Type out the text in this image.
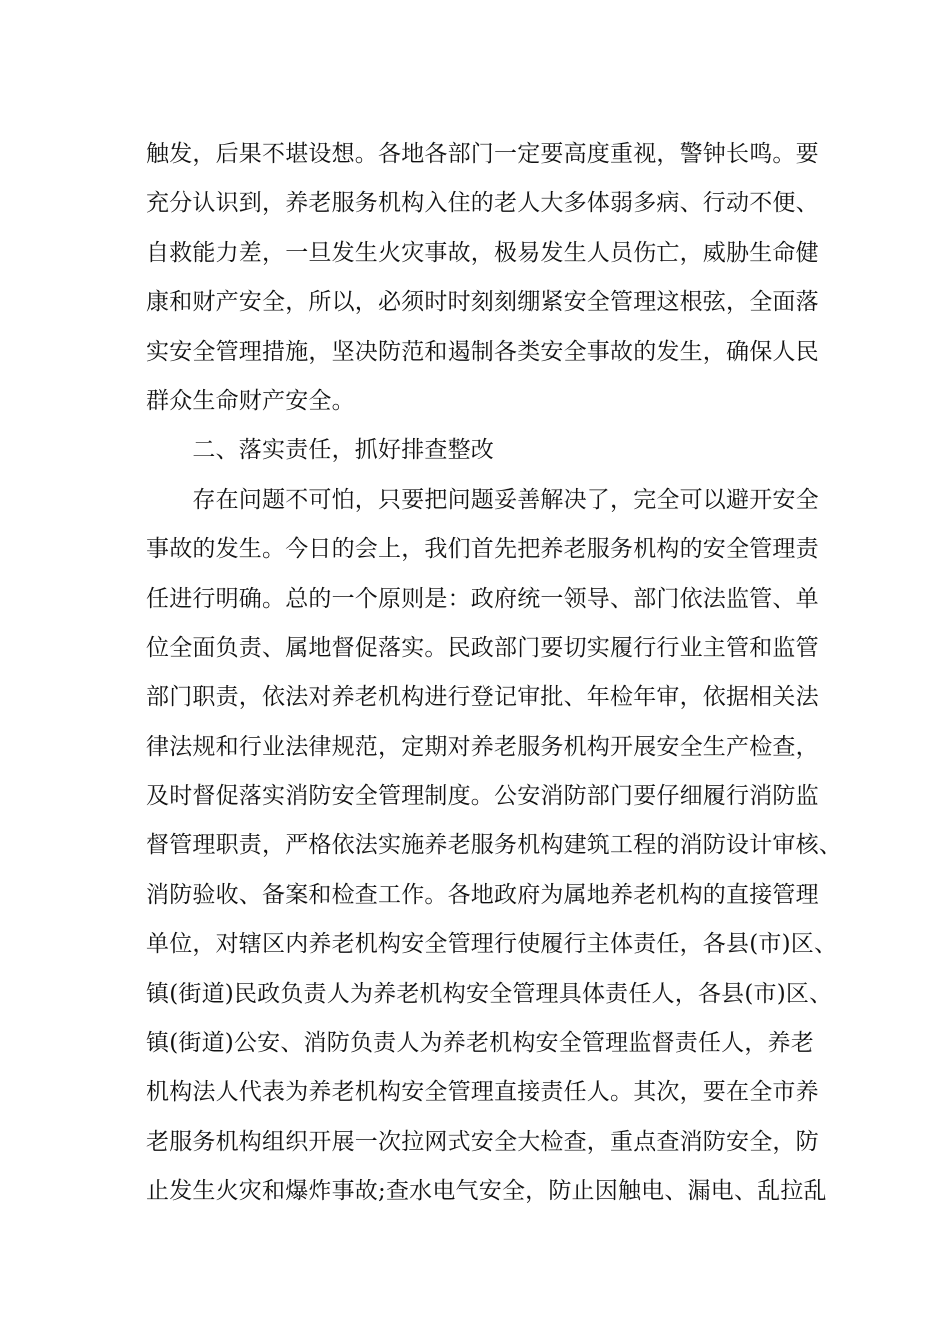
触发，后果不堪设想。各地各部门一定要高度重视，警钟长鸣。要
充分认识到，养老服务机构入住的老人大多体弱多病、行动不便、
自救能力差，一旦发生火灾事故，极易发生人员伤亡，威胁生命健
康和财产安全，所以，必须时时刻刻绷紧安全管理这根弦，全面落
实安全管理措施，坚决防范和遏制各类安全事故的发生，确保人民
群众生命财产安全。
　　二、落实责任，抓好排查整改
　　存在问题不可怕，只要把问题妥善解决了，完全可以避开安全
事故的发生。今日的会上，我们首先把养老服务机构的安全管理责
任进行明确。总的一个原则是：政府统一领导、部门依法监管、单
位全面负责、属地督促落实。民政部门要切实履行行业主管和监管
部门职责，依法对养老机构进行登记审批、年检年审，依据相关法
律法规和行业法律规范，定期对养老服务机构开展安全生产检查，
及时督促落实消防安全管理制度。公安消防部门要仔细履行消防监
督管理职责，严格依法实施养老服务机构建筑工程的消防设计审核、
消防验收、备案和检查工作。各地政府为属地养老机构的直接管理
单位，对辖区内养老机构安全管理行使履行主体责任，各县(市)区、
镇(街道)民政负责人为养老机构安全管理具体责任人，各县(市)区、
镇(街道)公安、消防负责人为养老机构安全管理监督责任人，养老
机构法人代表为养老机构安全管理直接责任人。其次，要在全市养
老服务机构组织开展一次拉网式安全大检查，重点查消防安全，防
止发生火灾和爆炸事故;查水电气安全，防止因触电、漏电、乱拉乱
